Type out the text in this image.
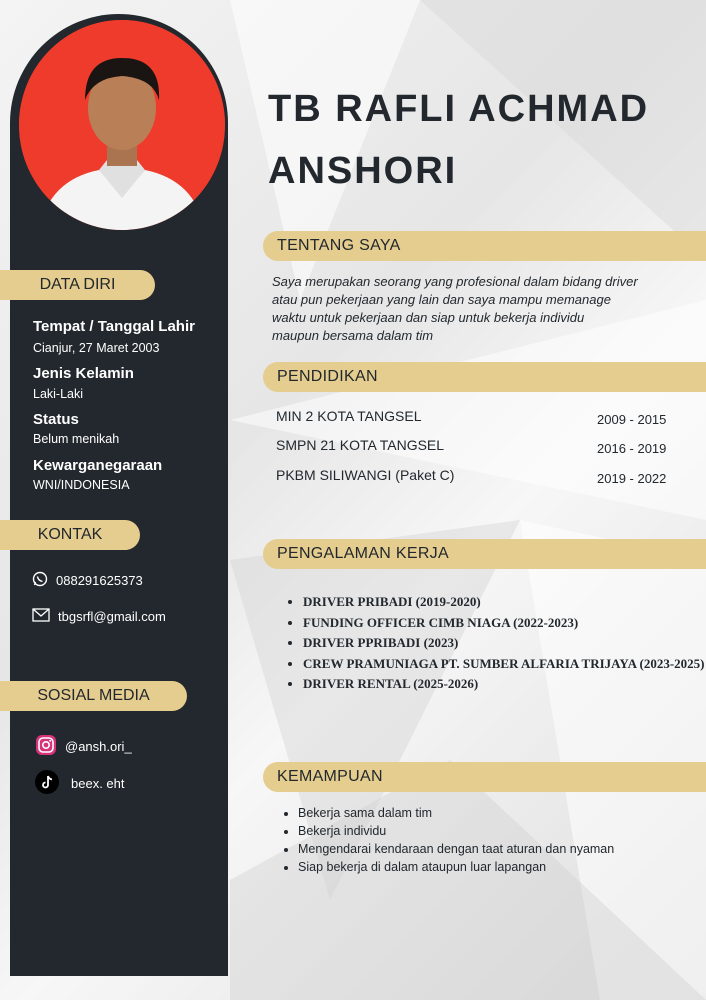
DATA DIRI
Tempat / Tanggal Lahir
Cianjur, 27 Maret 2003
Jenis Kelamin
Laki-Laki
Status
Belum menikah
Kewarganegaraan
WNI/INDONESIA
KONTAK
088291625373
tbgsrfl@gmail.com
SOSIAL MEDIA
@ansh.ori_
beex. eht
TB RAFLI ACHMAD
ANSHORI
TENTANG SAYA
Saya merupakan seorang yang profesional dalam bidang driver
atau pun pekerjaan yang lain dan saya mampu memanage
waktu untuk pekerjaan dan siap untuk bekerja individu
maupun bersama dalam tim
PENDIDIKAN
MIN 2 KOTA TANGSEL	2009 - 2015
SMPN 21 KOTA TANGSEL	2016 - 2019
PKBM SILIWANGI (Paket C)	2019 - 2022
PENGALAMAN KERJA
• DRIVER PRIBADI (2019-2020)
• FUNDING OFFICER CIMB NIAGA (2022-2023)
• DRIVER PPRIBADI (2023)
• CREW PRAMUNIAGA PT. SUMBER ALFARIA TRIJAYA (2023-2025)
• DRIVER RENTAL (2025-2026)
KEMAMPUAN
• Bekerja sama dalam tim
• Bekerja individu
• Mengendarai kendaraan dengan taat aturan dan nyaman
• Siap bekerja di dalam ataupun luar lapangan
